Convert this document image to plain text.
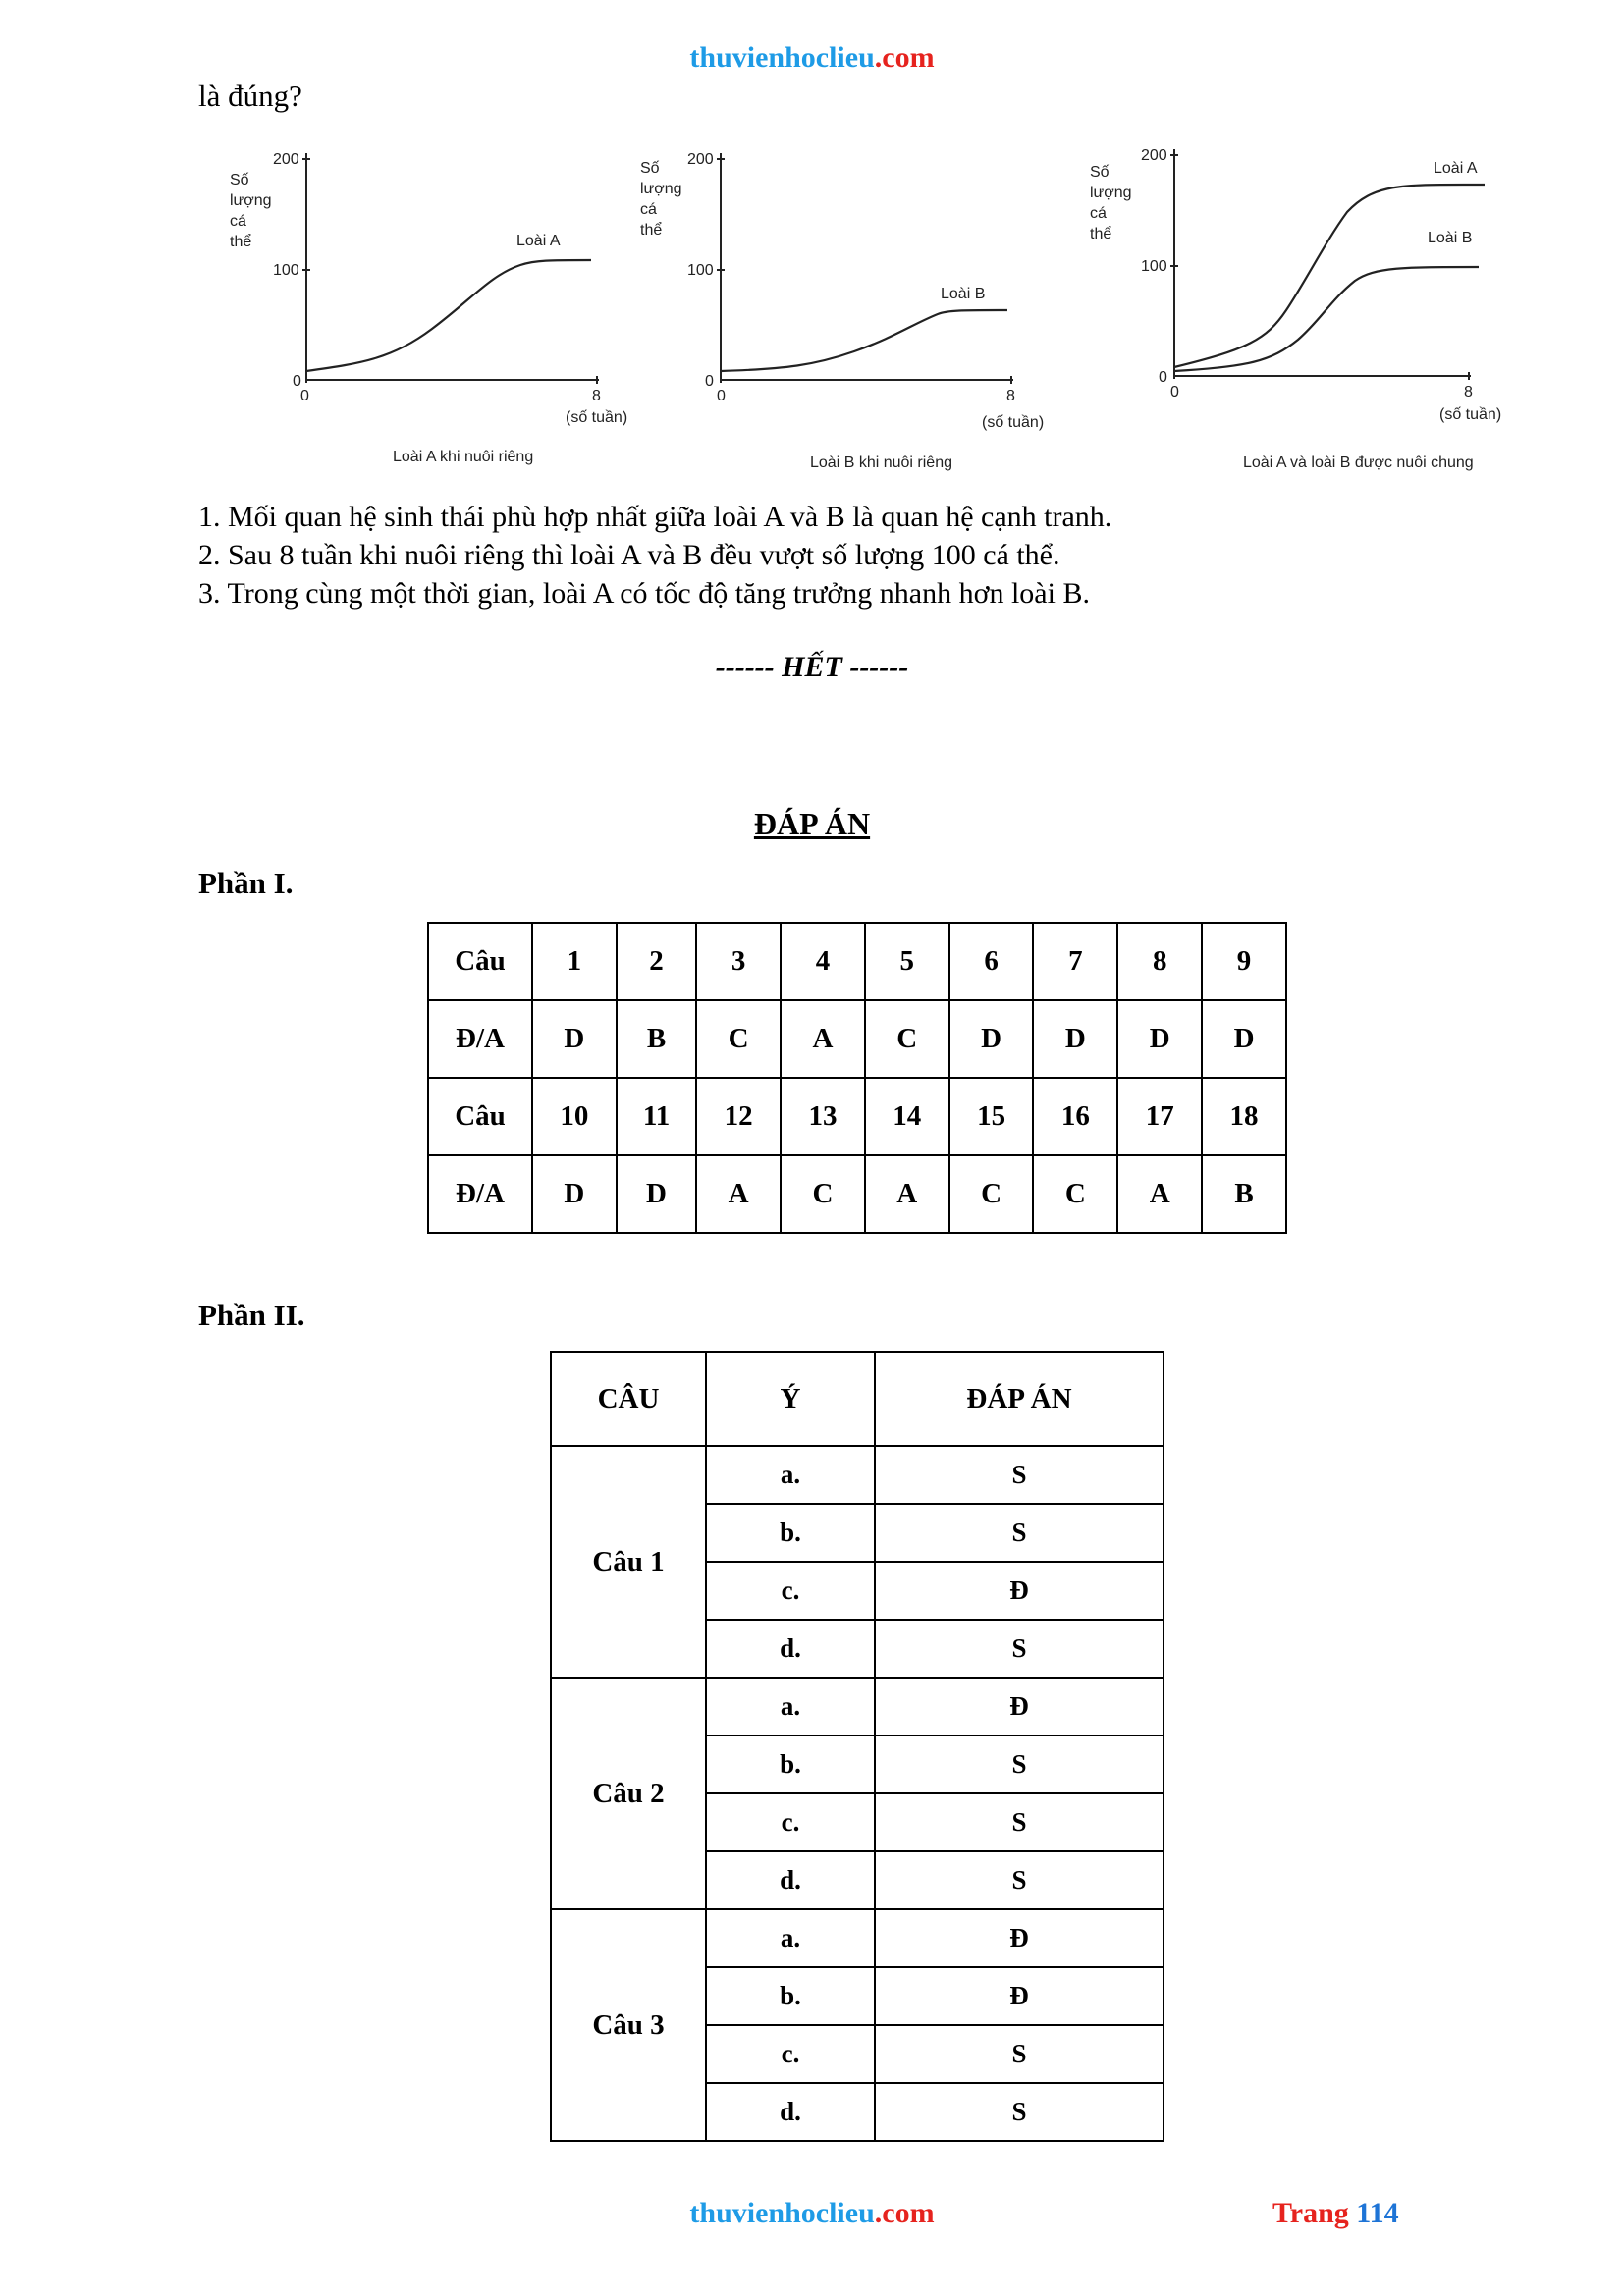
thuvienhoclieu.com
là đúng?
Số
lượng
cá
thể
200
100
0
0	8
(số tuần)
Loài A
Loài A khi nuôi riêng
Số
lượng
cá
thể
200
100
0
0	8
(số tuần)
Loài B
Loài B khi nuôi riêng
Số
lượng
cá
thể
200
100
0
0	8
(số tuần)
Loài A
Loài B
Loài A và loài B được nuôi chung
1. Mối quan hệ sinh thái phù hợp nhất giữa loài A và B là quan hệ cạnh tranh.
2. Sau 8 tuần khi nuôi riêng thì loài A và B đều vượt số lượng 100 cá thể.
3. Trong cùng một thời gian, loài A có tốc độ tăng trưởng nhanh hơn loài B.
------ HẾT ------
ĐÁP ÁN
Phần I.
Câu	1	2	3	4	5	6	7	8	9
Đ/A	D	B	C	A	C	D	D	D	D
Câu	10	11	12	13	14	15	16	17	18
Đ/A	D	D	A	C	A	C	C	A	B
Phần II.
CÂU	Ý	ĐÁP ÁN
Câu 1	a.	S
	b.	S
	c.	Đ
	d.	S
Câu 2	a.	Đ
	b.	S
	c.	S
	d.	S
Câu 3	a.	Đ
	b.	Đ
	c.	S
	d.	S
thuvienhoclieu.com	Trang 114
